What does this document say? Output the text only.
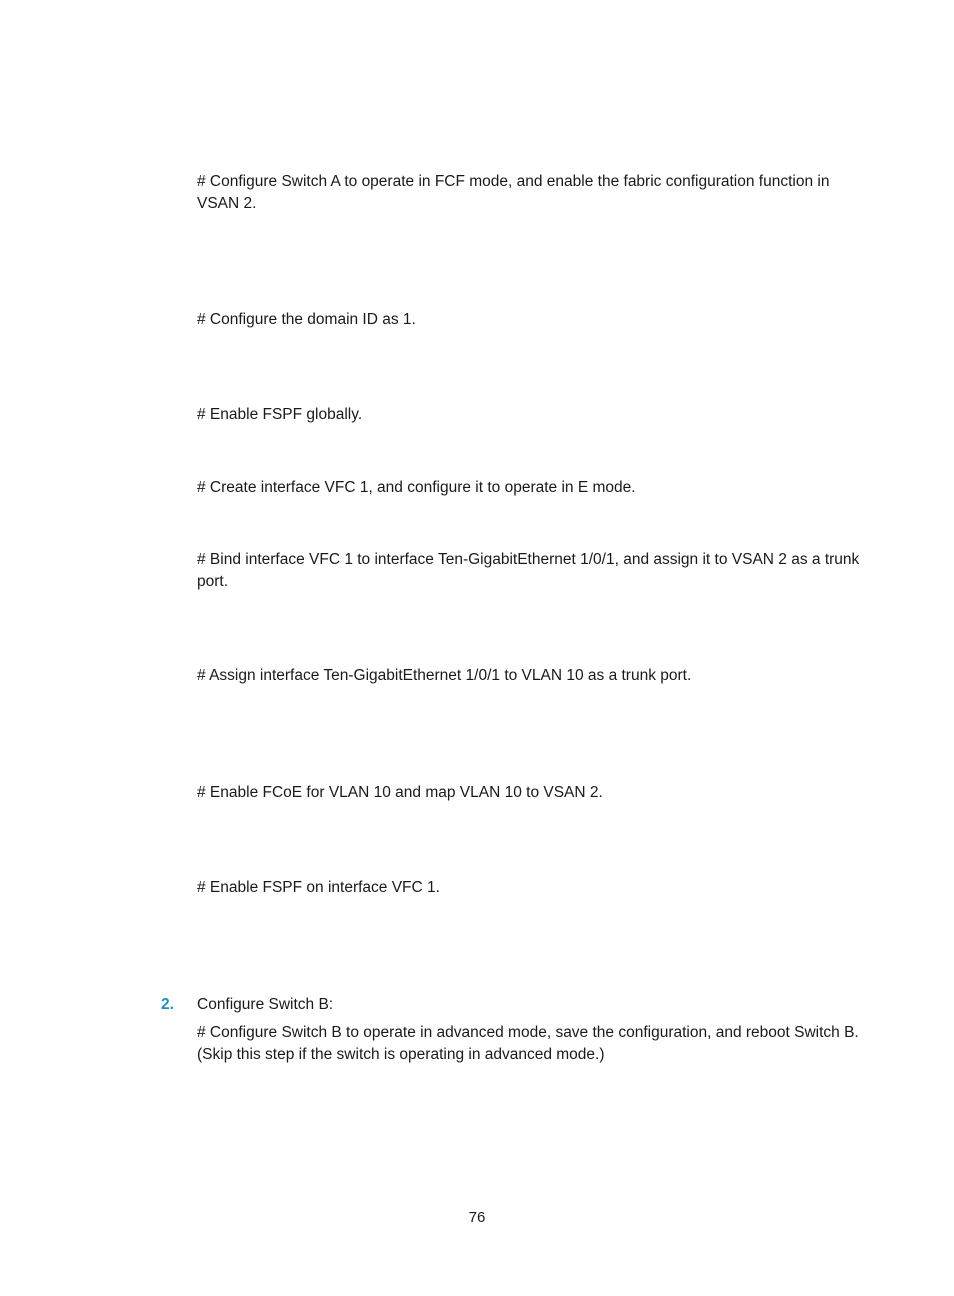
# Configure Switch A to operate in FCF mode, and enable the fabric configuration function in VSAN 2.

# Configure the domain ID as 1.

# Enable FSPF globally.

# Create interface VFC 1, and configure it to operate in E mode.

# Bind interface VFC 1 to interface Ten-GigabitEthernet 1/0/1, and assign it to VSAN 2 as a trunk port.

# Assign interface Ten-GigabitEthernet 1/0/1 to VLAN 10 as a trunk port.

# Enable FCoE for VLAN 10 and map VLAN 10 to VSAN 2.

# Enable FSPF on interface VFC 1.

2. Configure Switch B:

# Configure Switch B to operate in advanced mode, save the configuration, and reboot Switch B. (Skip this step if the switch is operating in advanced mode.)

76
